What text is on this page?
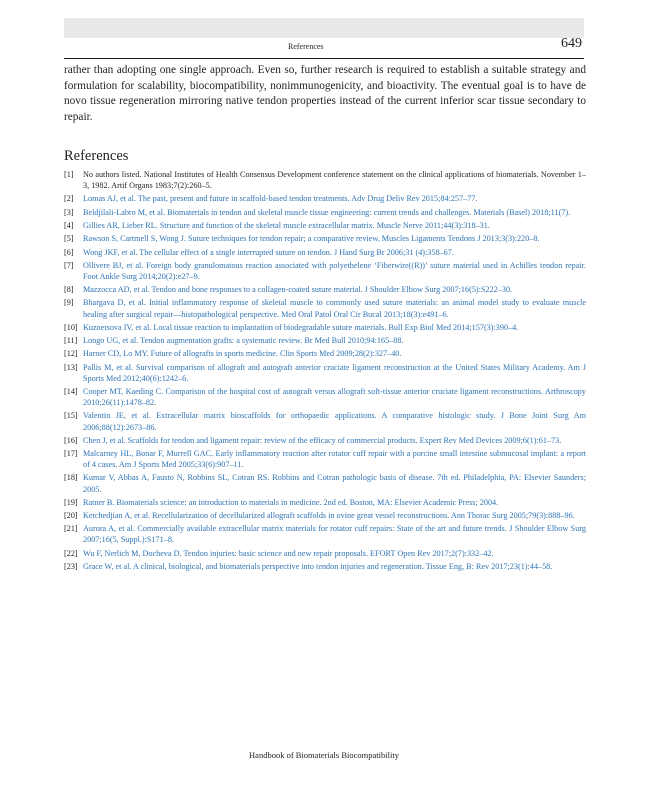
References	649

rather than adopting one single approach. Even so, further research is required to establish a suitable strategy and formulation for scalability, biocompatibility, nonimmunogenicity, and bioactivity. The eventual goal is to have de novo tissue regeneration mirroring native tendon properties instead of the current inferior scar tissue secondary to repair.

References
[1]	No authors listed. National Institutes of Health Consensus Development conference statement on the clinical applications of biomaterials. November 1–3, 1982. Artif Organs 1983;7(2):260–5.
[2]	Lomas AJ, et al. The past, present and future in scaffold-based tendon treatments. Adv Drug Deliv Rev 2015;84:257–77.
[3]	Beldjilali-Labro M, et al. Biomaterials in tendon and skeletal muscle tissue engineering: current trends and challenges. Materials (Basel) 2018;11(7).
[4]	Gillies AR, Lieber RL. Structure and function of the skeletal muscle extracellular matrix. Muscle Nerve 2011;44(3):318–31.
[5]	Rawson S, Cartmell S, Wong J. Suture techniques for tendon repair; a comparative review. Muscles Ligaments Tendons J 2013;3(3):220–8.
[6]	Wong JKF, et al. The cellular effect of a single interrupted suture on tendon. J Hand Surg Br 2006;31 (4):358–67.
[7]	Ollivere BJ, et al. Foreign body granulomatous reaction associated with polyethelene ‘Fiberwire((R))’ suture material used in Achilles tendon repair. Foot Ankle Surg 2014;20(2):e27–9.
[8]	Mazzocca AD, et al. Tendon and bone responses to a collagen-coated suture material. J Shoulder Elbow Surg 2007;16(5):S222–30.
[9]	Bhargava D, et al. Initial inflammatory response of skeletal muscle to commonly used suture materials: an animal model study to evaluate muscle healing after surgical repair—histopathological perspective. Med Oral Patol Oral Cir Bucal 2013;18(3):e491–6.
[10] Kuznetsova IV, et al. Local tissue reaction to implantation of biodegradable suture materials. Bull Exp Biol Med 2014;157(3):390–4.
[11] Longo UG, et al. Tendon augmentation grafts: a systematic review. Br Med Bull 2010;94:165–88.
[12] Harner CD, Lo MY. Future of allografts in sports medicine. Clin Sports Med 2009;28(2):327–40.
[13] Pallis M, et al. Survival comparison of allograft and autograft anterior cruciate ligament reconstruction at the United States Military Academy. Am J Sports Med 2012;40(6):1242–6.
[14] Cooper MT, Kaeding C. Comparison of the hospital cost of autograft versus allograft soft-tissue anterior cruciate ligament reconstructions. Arthroscopy 2010;26(11):1478–82.
[15] Valentin JE, et al. Extracellular matrix bioscaffolds for orthopaedic applications. A comparative histologic study. J Bone Joint Surg Am 2006;88(12):2673–86.
[16] Chen J, et al. Scaffolds for tendon and ligament repair: review of the efficacy of commercial products. Expert Rev Med Devices 2009;6(1):61–73.
[17] Malcarney HL, Bonar F, Murrell GAC. Early inflammatory reaction after rotator cuff repair with a porcine small intestine submucosal implant: a report of 4 cases. Am J Sports Med 2005;33(6):907–11.
[18] Kumar V, Abbas A, Fausto N, Robbins SL, Cotran RS. Robbins and Cotran pathologic basis of disease. 7th ed. Philadelphia, PA: Elsevier Saunders; 2005.
[19] Ratner B. Biomaterials science: an introduction to materials in medicine. 2nd ed. Boston, MA: Elsevier Academic Press; 2004.
[20] Ketchedjian A, et al. Recellularization of decellularized allograft scaffolds in ovine great vessel reconstructions. Ann Thorac Surg 2005;79(3):888–96.
[21] Aurora A, et al. Commercially available extracellular matrix materials for rotator cuff repairs: State of the art and future trends. J Shoulder Elbow Surg 2007;16(5, Suppl.):S171–8.
[22] Wu F, Nerlich M, Docheva D. Tendon injuries: basic science and new repair proposals. EFORT Open Rev 2017;2(7):332–42.
[23] Grace W, et al. A clinical, biological, and biomaterials perspective into tendon injuries and regeneration. Tissue Eng, B: Rev 2017;23(1):44–58.
Handbook of Biomaterials Biocompatibility
